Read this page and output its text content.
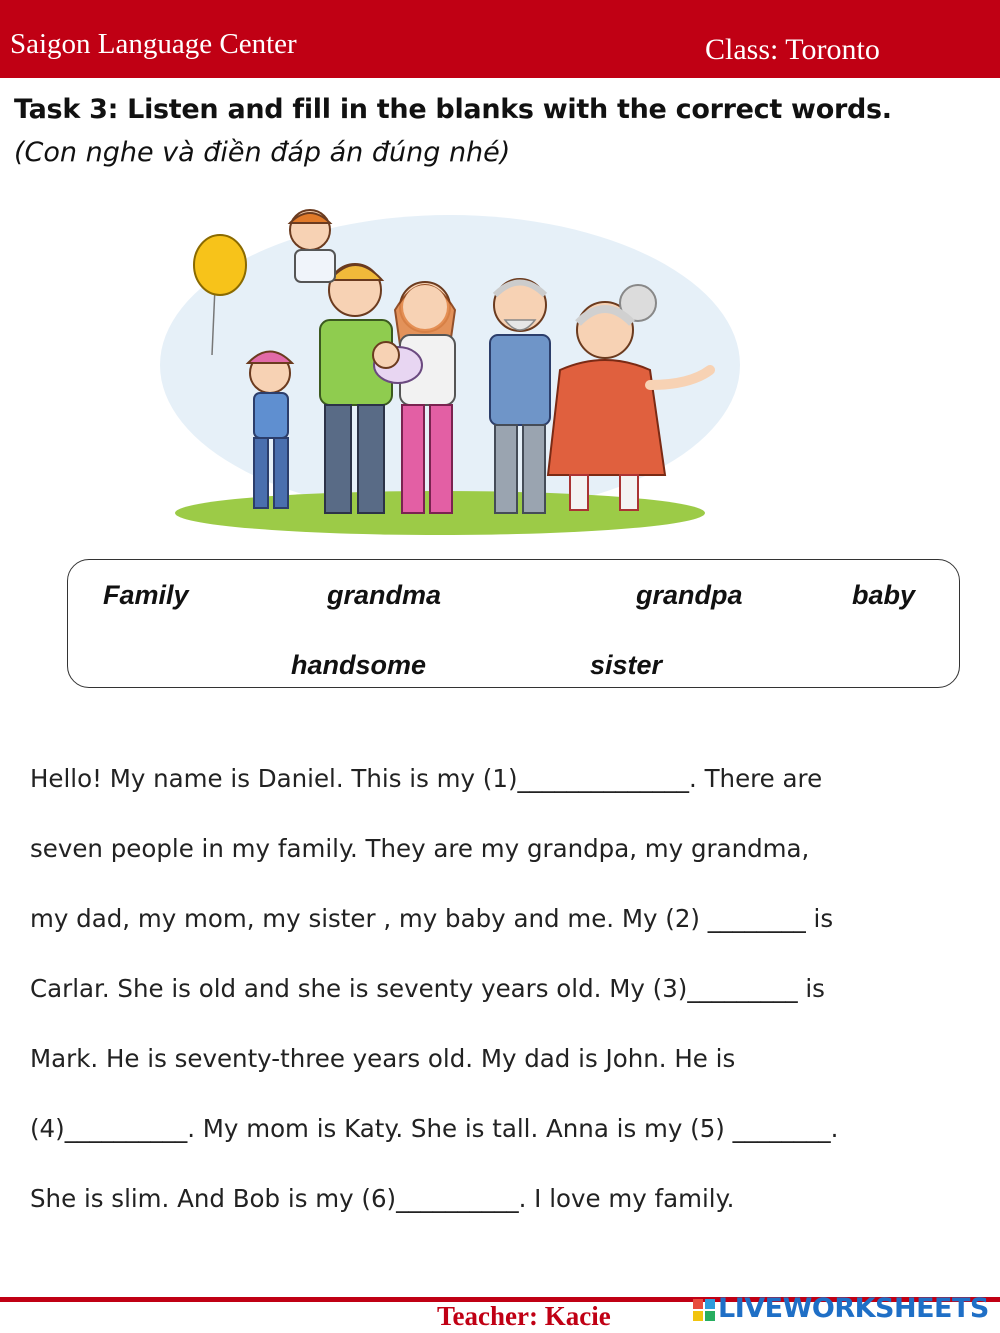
Saigon Language Center	Class: Toronto
Task 3: Listen and fill in the blanks with the correct words.
(Con nghe và điền đáp án đúng nhé)
Family	grandma	grandpa	baby
handsome	sister
Hello! My name is Daniel. This is my (1)______________. There are
seven people in my family. They are my grandpa, my grandma,
my dad, my mom, my sister , my baby and me. My (2) ________ is
Carlar. She is old and she is seventy years old. My (3)_________ is
Mark. He is seventy-three years old. My dad is John. He is
(4)__________. My mom is Katy. She is tall. Anna is my (5) ________.
She is slim. And Bob is my (6)__________. I love my family.
Teacher: Kacie	LIVEWORKSHEETS
